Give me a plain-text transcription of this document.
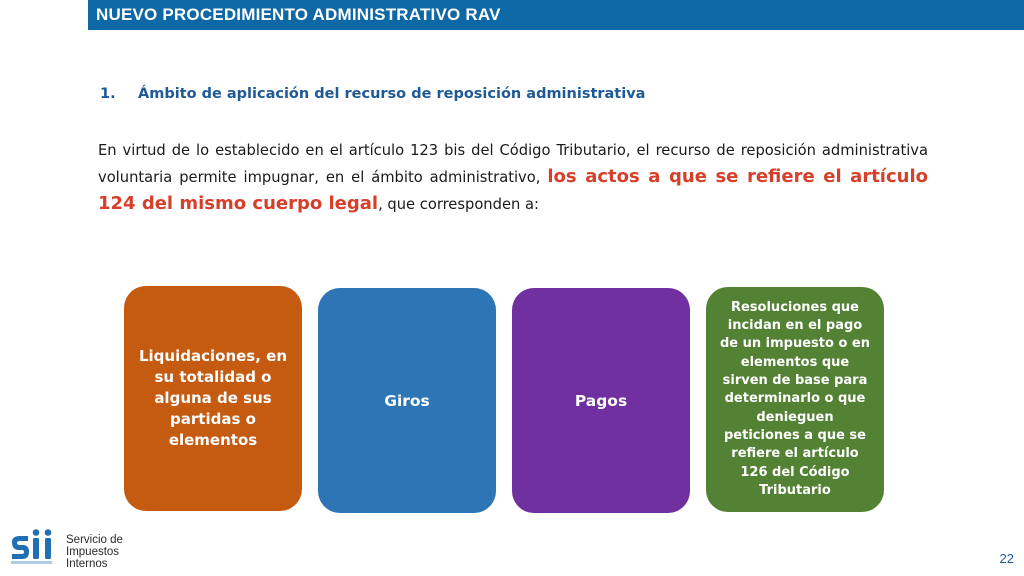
NUEVO PROCEDIMIENTO ADMINISTRATIVO RAV
1. Ámbito de aplicación del recurso de reposición administrativa
En virtud de lo establecido en el artículo 123 bis del Código Tributario, el recurso de reposición administrativa voluntaria permite impugnar, en el ámbito administrativo, los actos a que se refiere el artículo 124 del mismo cuerpo legal, que corresponden a:
Liquidaciones, en su totalidad o alguna de sus partidas o elementos
Giros	Pagos
Resoluciones que incidan en el pago de un impuesto o en elementos que sirven de base para determinarlo o que denieguen peticiones a que se refiere el artículo 126 del Código Tributario
Servicio de
Impuestos
Internos	22
